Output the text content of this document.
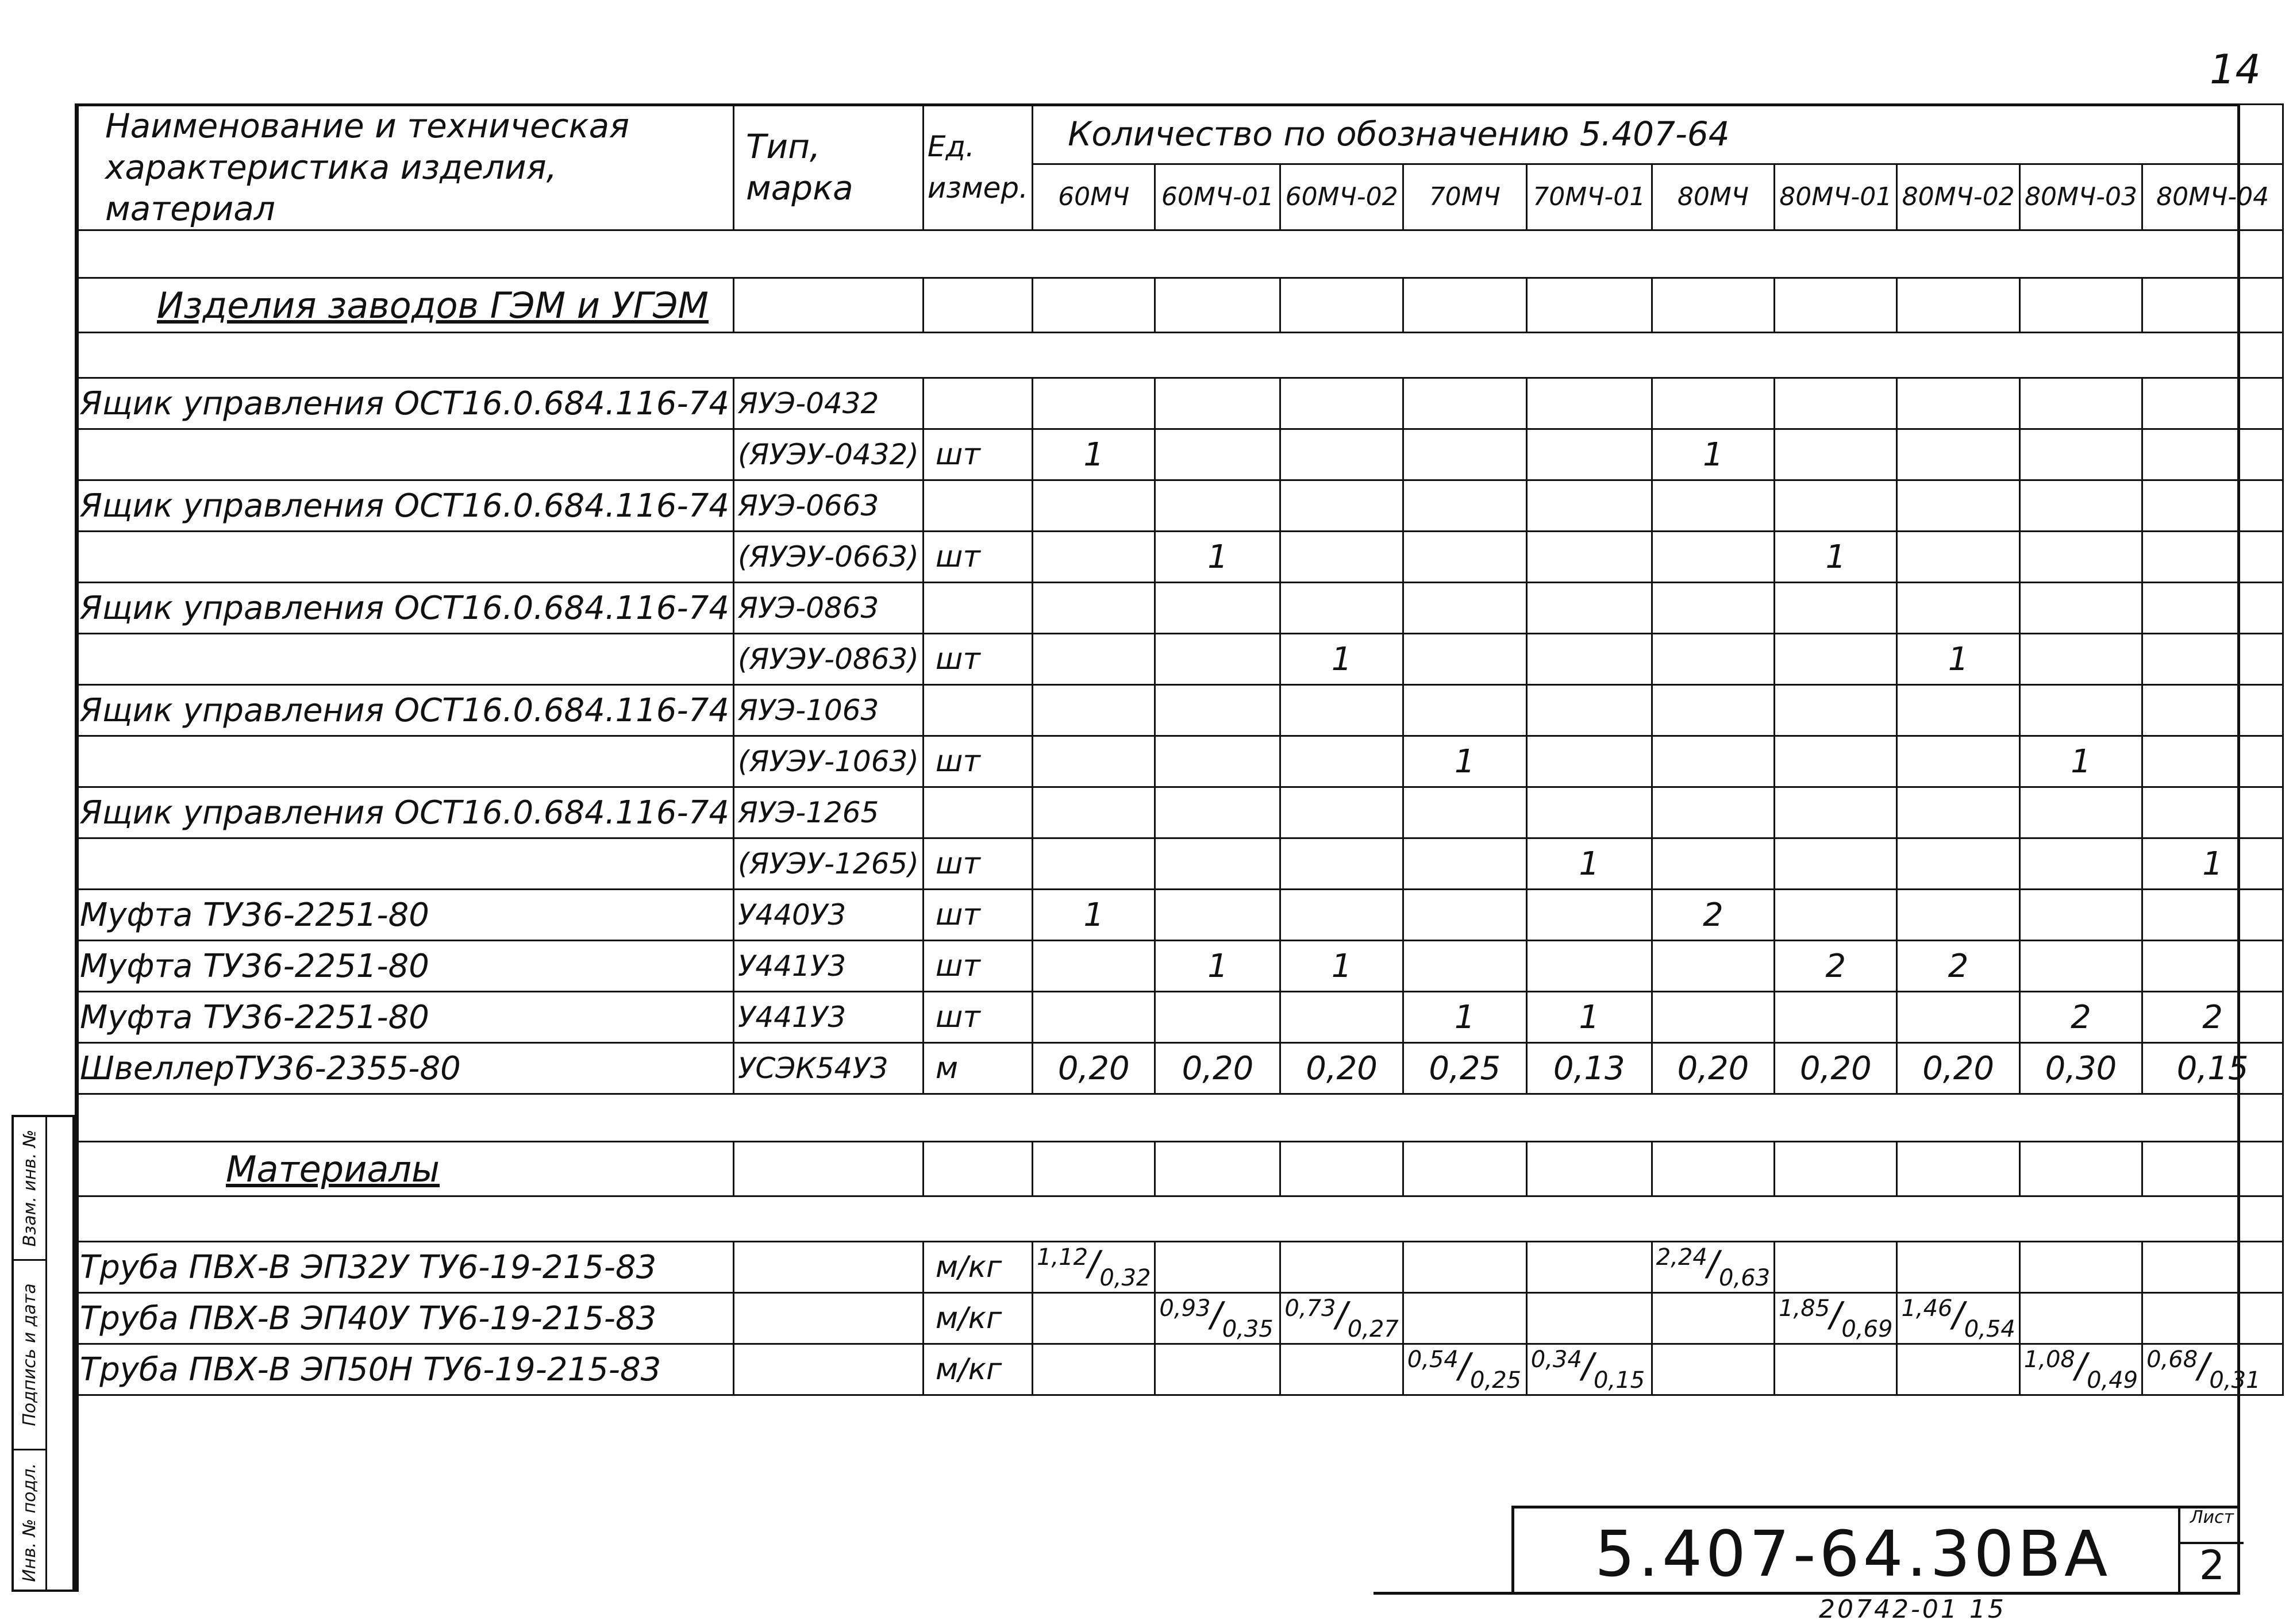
14
Наименование и техническая характеристика изделия, материал	Тип, марка	Ед. измер.	Количество по обозначению 5.407-64									
			60МЧ	60МЧ-01	60МЧ-02	70МЧ	70МЧ-01	80МЧ	80МЧ-01	80МЧ-02	80МЧ-03	80МЧ-04

Изделия заводов ГЭМ и УГЭМ												

Ящик управления ОСТ16.0.684.116-74	ЯУЭ-0432											
	(ЯУЭУ-0432)	шт	1					1				
Ящик управления ОСТ16.0.684.116-74	ЯУЭ-0663											
	(ЯУЭУ-0663)	шт		1					1			
Ящик управления ОСТ16.0.684.116-74	ЯУЭ-0863											
	(ЯУЭУ-0863)	шт			1					1		
Ящик управления ОСТ16.0.684.116-74	ЯУЭ-1063											
	(ЯУЭУ-1063)	шт				1					1	
Ящик управления ОСТ16.0.684.116-74	ЯУЭ-1265											
	(ЯУЭУ-1265)	шт					1					1
Муфта ТУ36-2251-80	У440У3	шт	1					2				
Муфта ТУ36-2251-80	У441У3	шт		1	1				2	2		
Муфта ТУ36-2251-80	У441У3	шт				1	1				2	2
ШвеллерТУ36-2355-80	УСЭК54У3	м	0,20	0,20	0,20	0,25	0,13	0,20	0,20	0,20	0,30	0,15

Материалы												

Труба ПВХ-В ЭП32У ТУ6-19-215-83		м/кг	1,12/0,32					2,24/0,63				
Труба ПВХ-В ЭП40У ТУ6-19-215-83		м/кг		0,93/0,35	0,73/0,27				1,85/0,69	1,46/0,54		
Труба ПВХ-В ЭП50Н ТУ6-19-215-83		м/кг				0,54/0,25	0,34/0,15				1,08/0,49	0,68/0,31
Взам. инв. №
Подпись и дата
Инв. № подл.	5.407-64.30ВА	Лист
2
20742-01 15
